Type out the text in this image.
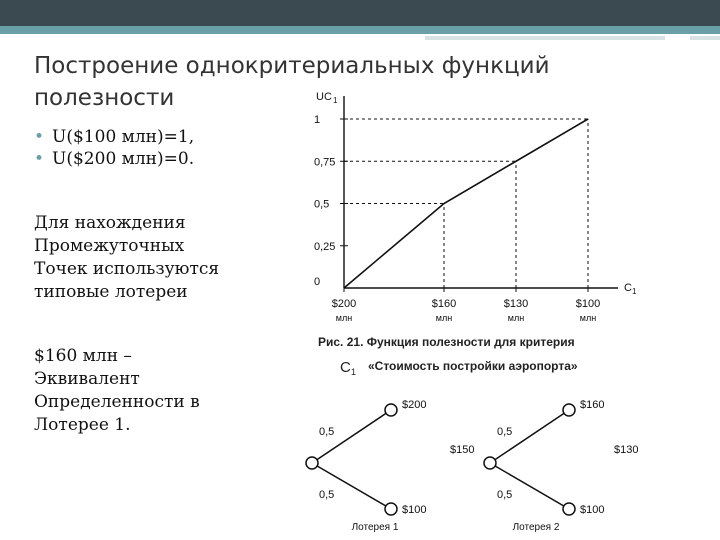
Построение однокритериальных функций
полезности
• U($100 млн)=1,
• U($200 млн)=0.
Для нахождения
Промежуточных
Точек используются
типовые лотереи
$160 млн –
Эквивалент
Определенности в
Лотерее 1.
UC 1
C 1
0
0,25
0,5
0,75
1
$200
млн
$160
млн
$130
млн
$100
млн
Рис. 21. Функция полезности для критерия
C 1 «Стоимость постройки аэропорта»
0,5
0,5
$200
$100
$150
Лотерея 1
0,5
0,5
$160
$100
$130
Лотерея 2
